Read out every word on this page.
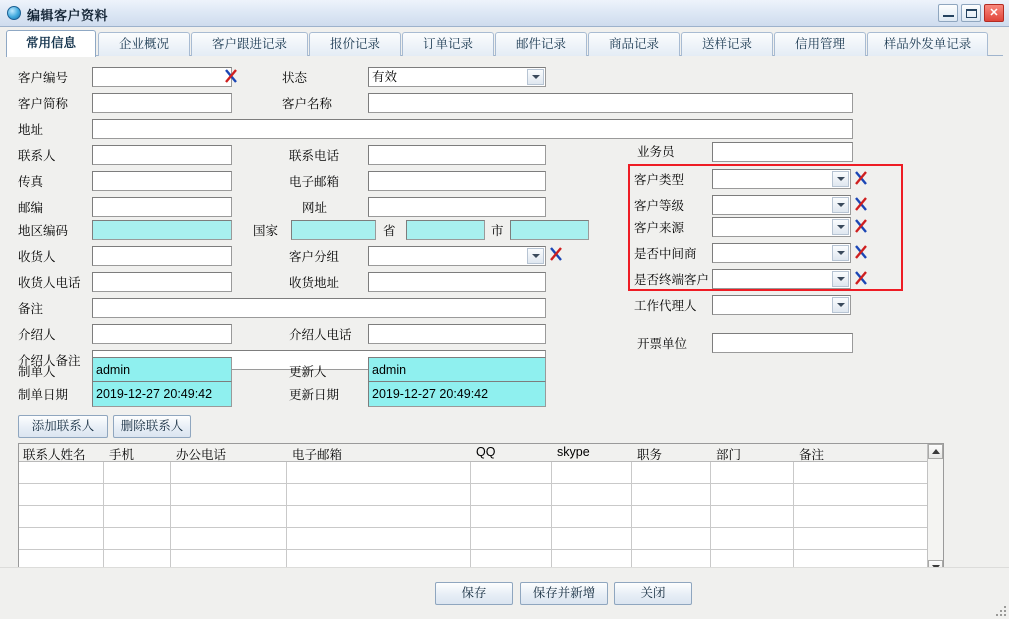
编辑客户资料	✕
常用信息	企业概况	客户跟进记录	报价记录	订单记录	邮件记录	商品记录	送样记录	信用管理	样品外发单记录
客户编号	状态	有效
客户简称	客户名称
地址
联系人	联系电话	业务员
传真	电子邮箱	客户类型
邮编	网址	客户等级
地区编码	国家	省	市	客户来源
收货人	客户分组	是否中间商
收货人电话	收货地址	是否终端客户
备注	工作代理人
介绍人	介绍人电话
介绍人备注
开票单位
制单人	admin	更新人	admin
制单日期	2019-12-27 20:49:42	更新日期	2019-12-27 20:49:42
添加联系人	删除联系人
联系人姓名 手机	办公电话	电子邮箱	QQ	skype	职务	部门	备注
保存	保存并新增	关闭
